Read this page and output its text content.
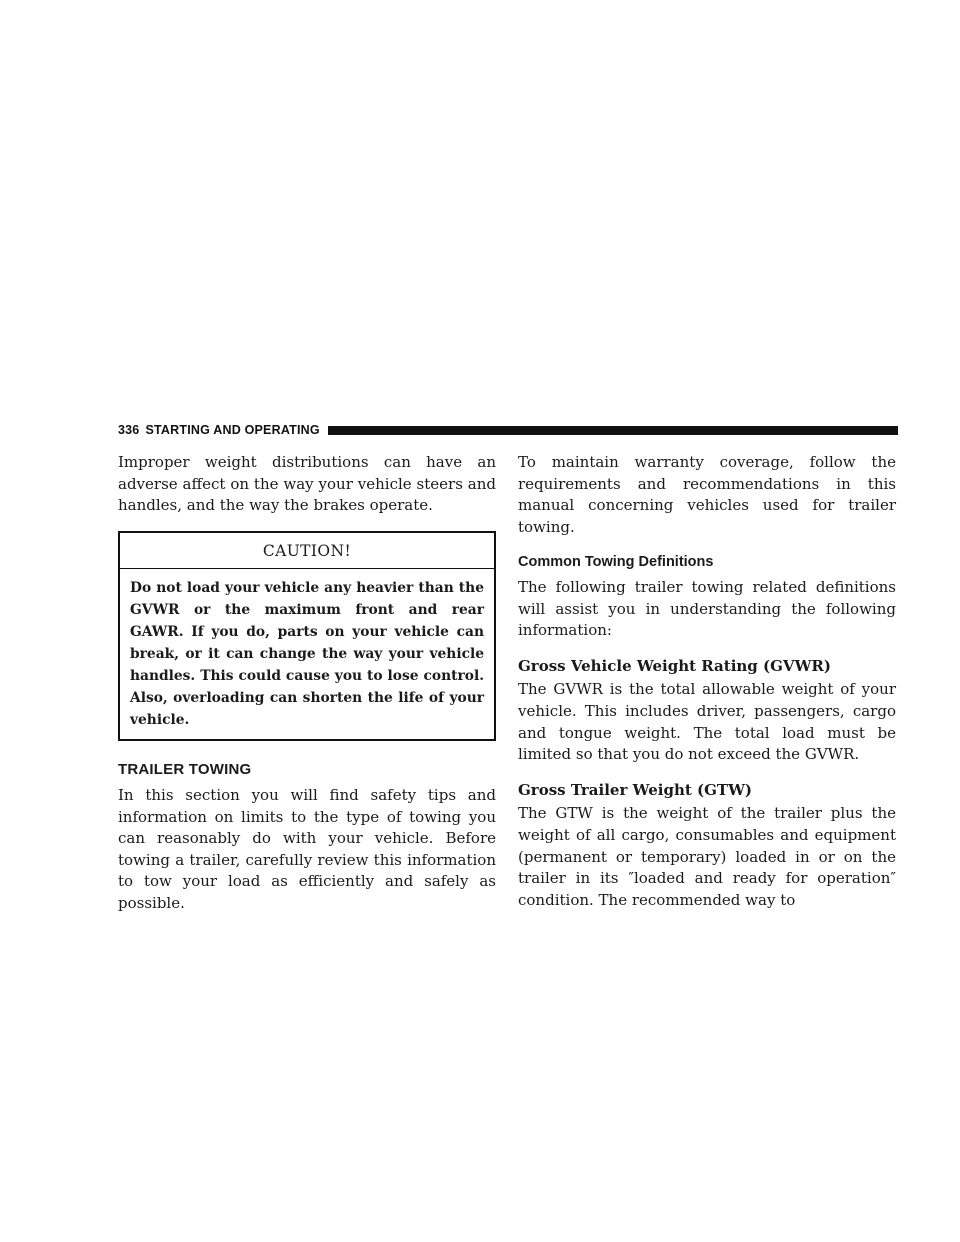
336 STARTING AND OPERATING

Improper weight distributions can have an adverse affect on the way your vehicle steers and handles, and the way the brakes operate.

CAUTION!

Do not load your vehicle any heavier than the GVWR or the maximum front and rear GAWR. If you do, parts on your vehicle can break, or it can change the way your vehicle handles. This could cause you to lose control. Also, overloading can shorten the life of your vehicle.

TRAILER TOWING

In this section you will find safety tips and information on limits to the type of towing you can reasonably do with your vehicle. Before towing a trailer, carefully review this information to tow your load as efficiently and safely as possible.

To maintain warranty coverage, follow the requirements and recommendations in this manual concerning vehicles used for trailer towing.

Common Towing Definitions

The following trailer towing related definitions will assist you in understanding the following information:

Gross Vehicle Weight Rating (GVWR)

The GVWR is the total allowable weight of your vehicle. This includes driver, passengers, cargo and tongue weight. The total load must be limited so that you do not exceed the GVWR.

Gross Trailer Weight (GTW)

The GTW is the weight of the trailer plus the weight of all cargo, consumables and equipment (permanent or temporary) loaded in or on the trailer in its ″loaded and ready for operation″ condition. The recommended way to
